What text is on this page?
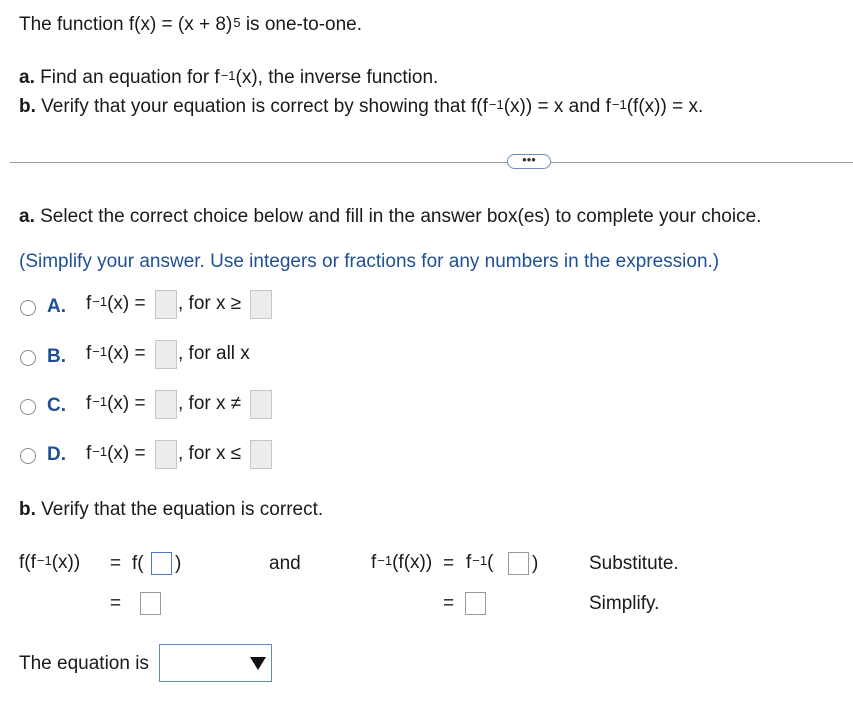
The function $f(x) = (x + 8)^5$ is one-to-one.
a. Find an equation for $f^{-1}(x)$, the inverse function.
b. Verify that your equation is correct by showing that $f(f^{-1}(x)) = x$ and $f^{-1}(f(x)) = x$.
•••
a. Select the correct choice below and fill in the answer box(es) to complete your choice.
(Simplify your answer. Use integers or fractions for any numbers in the expression.)
A. $f^{-1}(x)$ = , for x ≥
B. $f^{-1}(x)$ = , for all x
C. $f^{-1}(x)$ = , for x ≠
D. $f^{-1}(x)$ = , for x ≤
b. Verify that the equation is correct.
$f(f^{-1}(x)) = f$( )
=
and	$f^{-1}(f(x)) = f^{-1}$( )
=
Substitute.
Simplify.
The equation is
